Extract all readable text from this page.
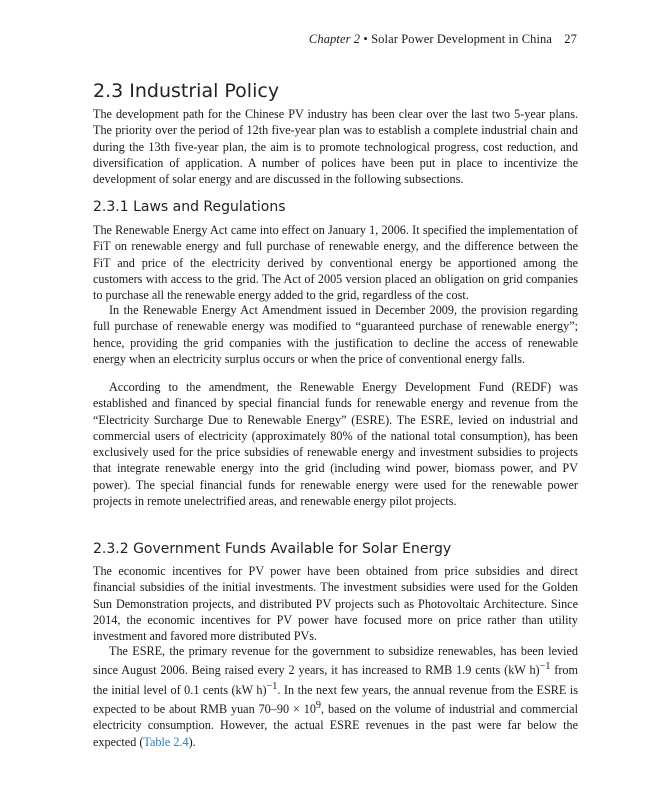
Chapter 2 • Solar Power Development in China 27
2.3 Industrial Policy

The development path for the Chinese PV industry has been clear over the last two 5-year plans. The priority over the period of 12th five-year plan was to establish a complete industrial chain and during the 13th five-year plan, the aim is to promote technological progress, cost reduction, and diversification of application. A number of polices have been put in place to incentivize the development of solar energy and are discussed in the following subsections.

2.3.1 Laws and Regulations

The Renewable Energy Act came into effect on January 1, 2006. It specified the implementation of FiT on renewable energy and full purchase of renewable energy, and the difference between the FiT and price of the electricity derived by conventional energy be apportioned among the customers with access to the grid. The Act of 2005 version placed an obligation on grid companies to purchase all the renewable energy added to the grid, regardless of the cost.

In the Renewable Energy Act Amendment issued in December 2009, the provision regarding full purchase of renewable energy was modified to “guaranteed purchase of renewable energy”; hence, providing the grid companies with the justification to decline the access of renewable energy when an electricity surplus occurs or when the price of conventional energy falls.

According to the amendment, the Renewable Energy Development Fund (REDF) was established and financed by special financial funds for renewable energy and revenue from the “Electricity Surcharge Due to Renewable Energy” (ESRE). The ESRE, levied on industrial and commercial users of electricity (approximately 80% of the national total consumption), has been exclusively used for the price subsidies of renewable energy and investment subsidies to projects that integrate renewable energy into the grid (including wind power, biomass power, and PV power). The special financial funds for renewable energy were used for the renewable power projects in remote unelectrified areas, and renewable energy pilot projects.

2.3.2 Government Funds Available for Solar Energy

The economic incentives for PV power have been obtained from price subsidies and direct financial subsidies of the initial investments. The investment subsidies were used for the Golden Sun Demonstration projects, and distributed PV projects such as Photovoltaic Architecture. Since 2014, the economic incentives for PV power have focused more on price rather than utility investment and favored more distributed PVs.

The ESRE, the primary revenue for the government to subsidize renewables, has been levied since August 2006. Being raised every 2 years, it has increased to RMB 1.9 cents (kW h)$^{-1}$ from the initial level of 0.1 cents (kW h)$^{-1}$. In the next few years, the annual revenue from the ESRE is expected to be about RMB yuan $70-90 \times 10^9$, based on the volume of industrial and commercial electricity consumption. However, the actual ESRE revenues in the past were far below the expected (Table 2.4).
